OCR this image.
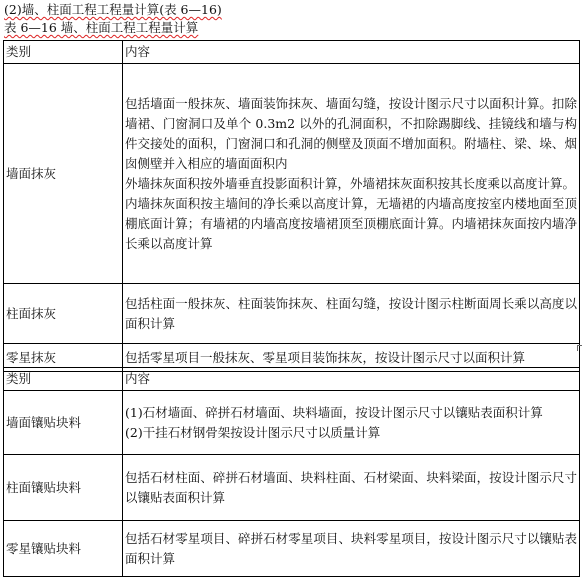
(2)墙、柱面工程工程量计算(表 6—16)
表 6—16 墙、柱面工程工程量计算
类别	内容
墙面抹灰	包括墙面一般抹灰、墙面装饰抹灰、墙面勾缝，按设计图示尺寸以面积计算。扣除墙裙、门窗洞口及单个 0.3m2 以外的孔洞面积，不扣除踢脚线、挂镜线和墙与构件交接处的面积，门窗洞口和孔洞的侧壁及顶面不增加面积。附墙柱、梁、垛、烟囱侧壁并入相应的墙面面积内

外墙抹灰面积按外墙垂直投影面积计算，外墙裙抹灰面积按其长度乘以高度计算。

内墙抹灰面积按主墙间的净长乘以高度计算，无墙裙的内墙高度按室内楼地面至顶棚底面计算；有墙裙的内墙高度按墙裙顶至顶棚底面计算。内墙裙抹灰面按内墙净长乘以高度计算

柱面抹灰	包括柱面一般抹灰、柱面装饰抹灰、柱面勾缝，按设计图示柱断面周长乘以高度以面积计算

零星抹灰	包括零星项目一般抹灰、零星项目装饰抹灰，按设计图示尺寸以面积计算

类别	内容
墙面镶贴块料	(1)石材墙面、碎拼石材墙面、块料墙面，按设计图示尺寸以镶贴表面积计算

(2)干挂石材钢骨架按设计图示尺寸以质量计算

柱面镶贴块料	包括石材柱面、碎拼石材墙面、块料柱面、石材梁面、块料梁面，按设计图示尺寸以镶贴表面积计算

零星镶贴块料	包括石材零星项目、碎拼石材零星项目、块料零星项目，按设计图示尺寸以镶贴表面积计算
